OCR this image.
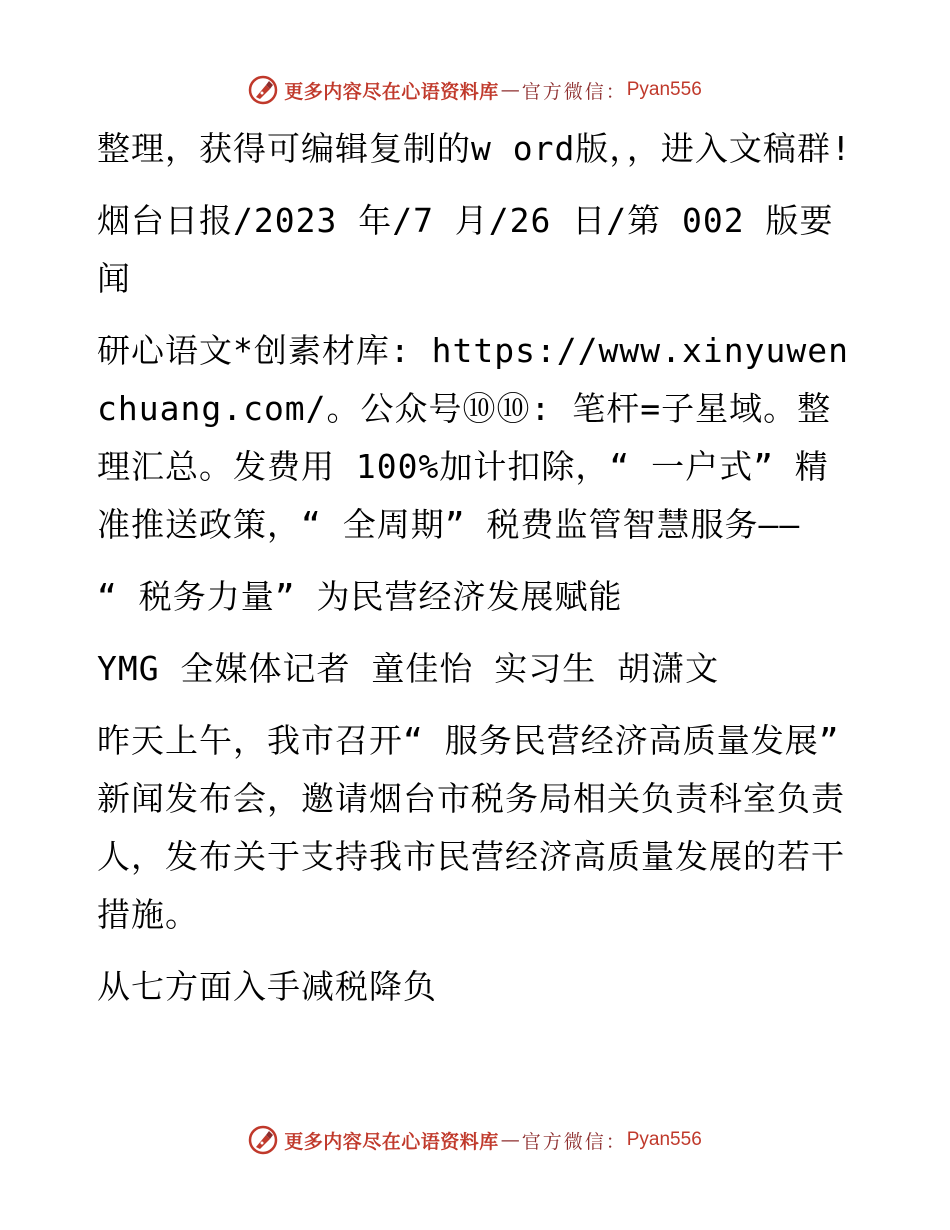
更多内容尽在心语资料库 — 官方微信： Pyan556

整理，获得可编辑复制的w ord版，，进入文稿群!

烟台日报/2023 年/7 月/26 日/第 002 版要闻

研心语文*创素材库: https://www.xinyuwenchuang.com/。公众号⑩⑩: 笔杆=子星域。整理汇总。发费用 100%加计扣除，“ 一户式” 精准推送政策，“ 全周期” 税费监管智慧服务——

“ 税务力量” 为民营经济发展赋能

YMG 全媒体记者 童佳怡 实习生 胡潇文

昨天上午，我市召开“ 服务民营经济高质量发展” 新闻发布会，邀请烟台市税务局相关负责科室负责人，发布关于支持我市民营经济高质量发展的若干措施。

从七方面入手减税降负

更多内容尽在心语资料库 — 官方微信： Pyan556
